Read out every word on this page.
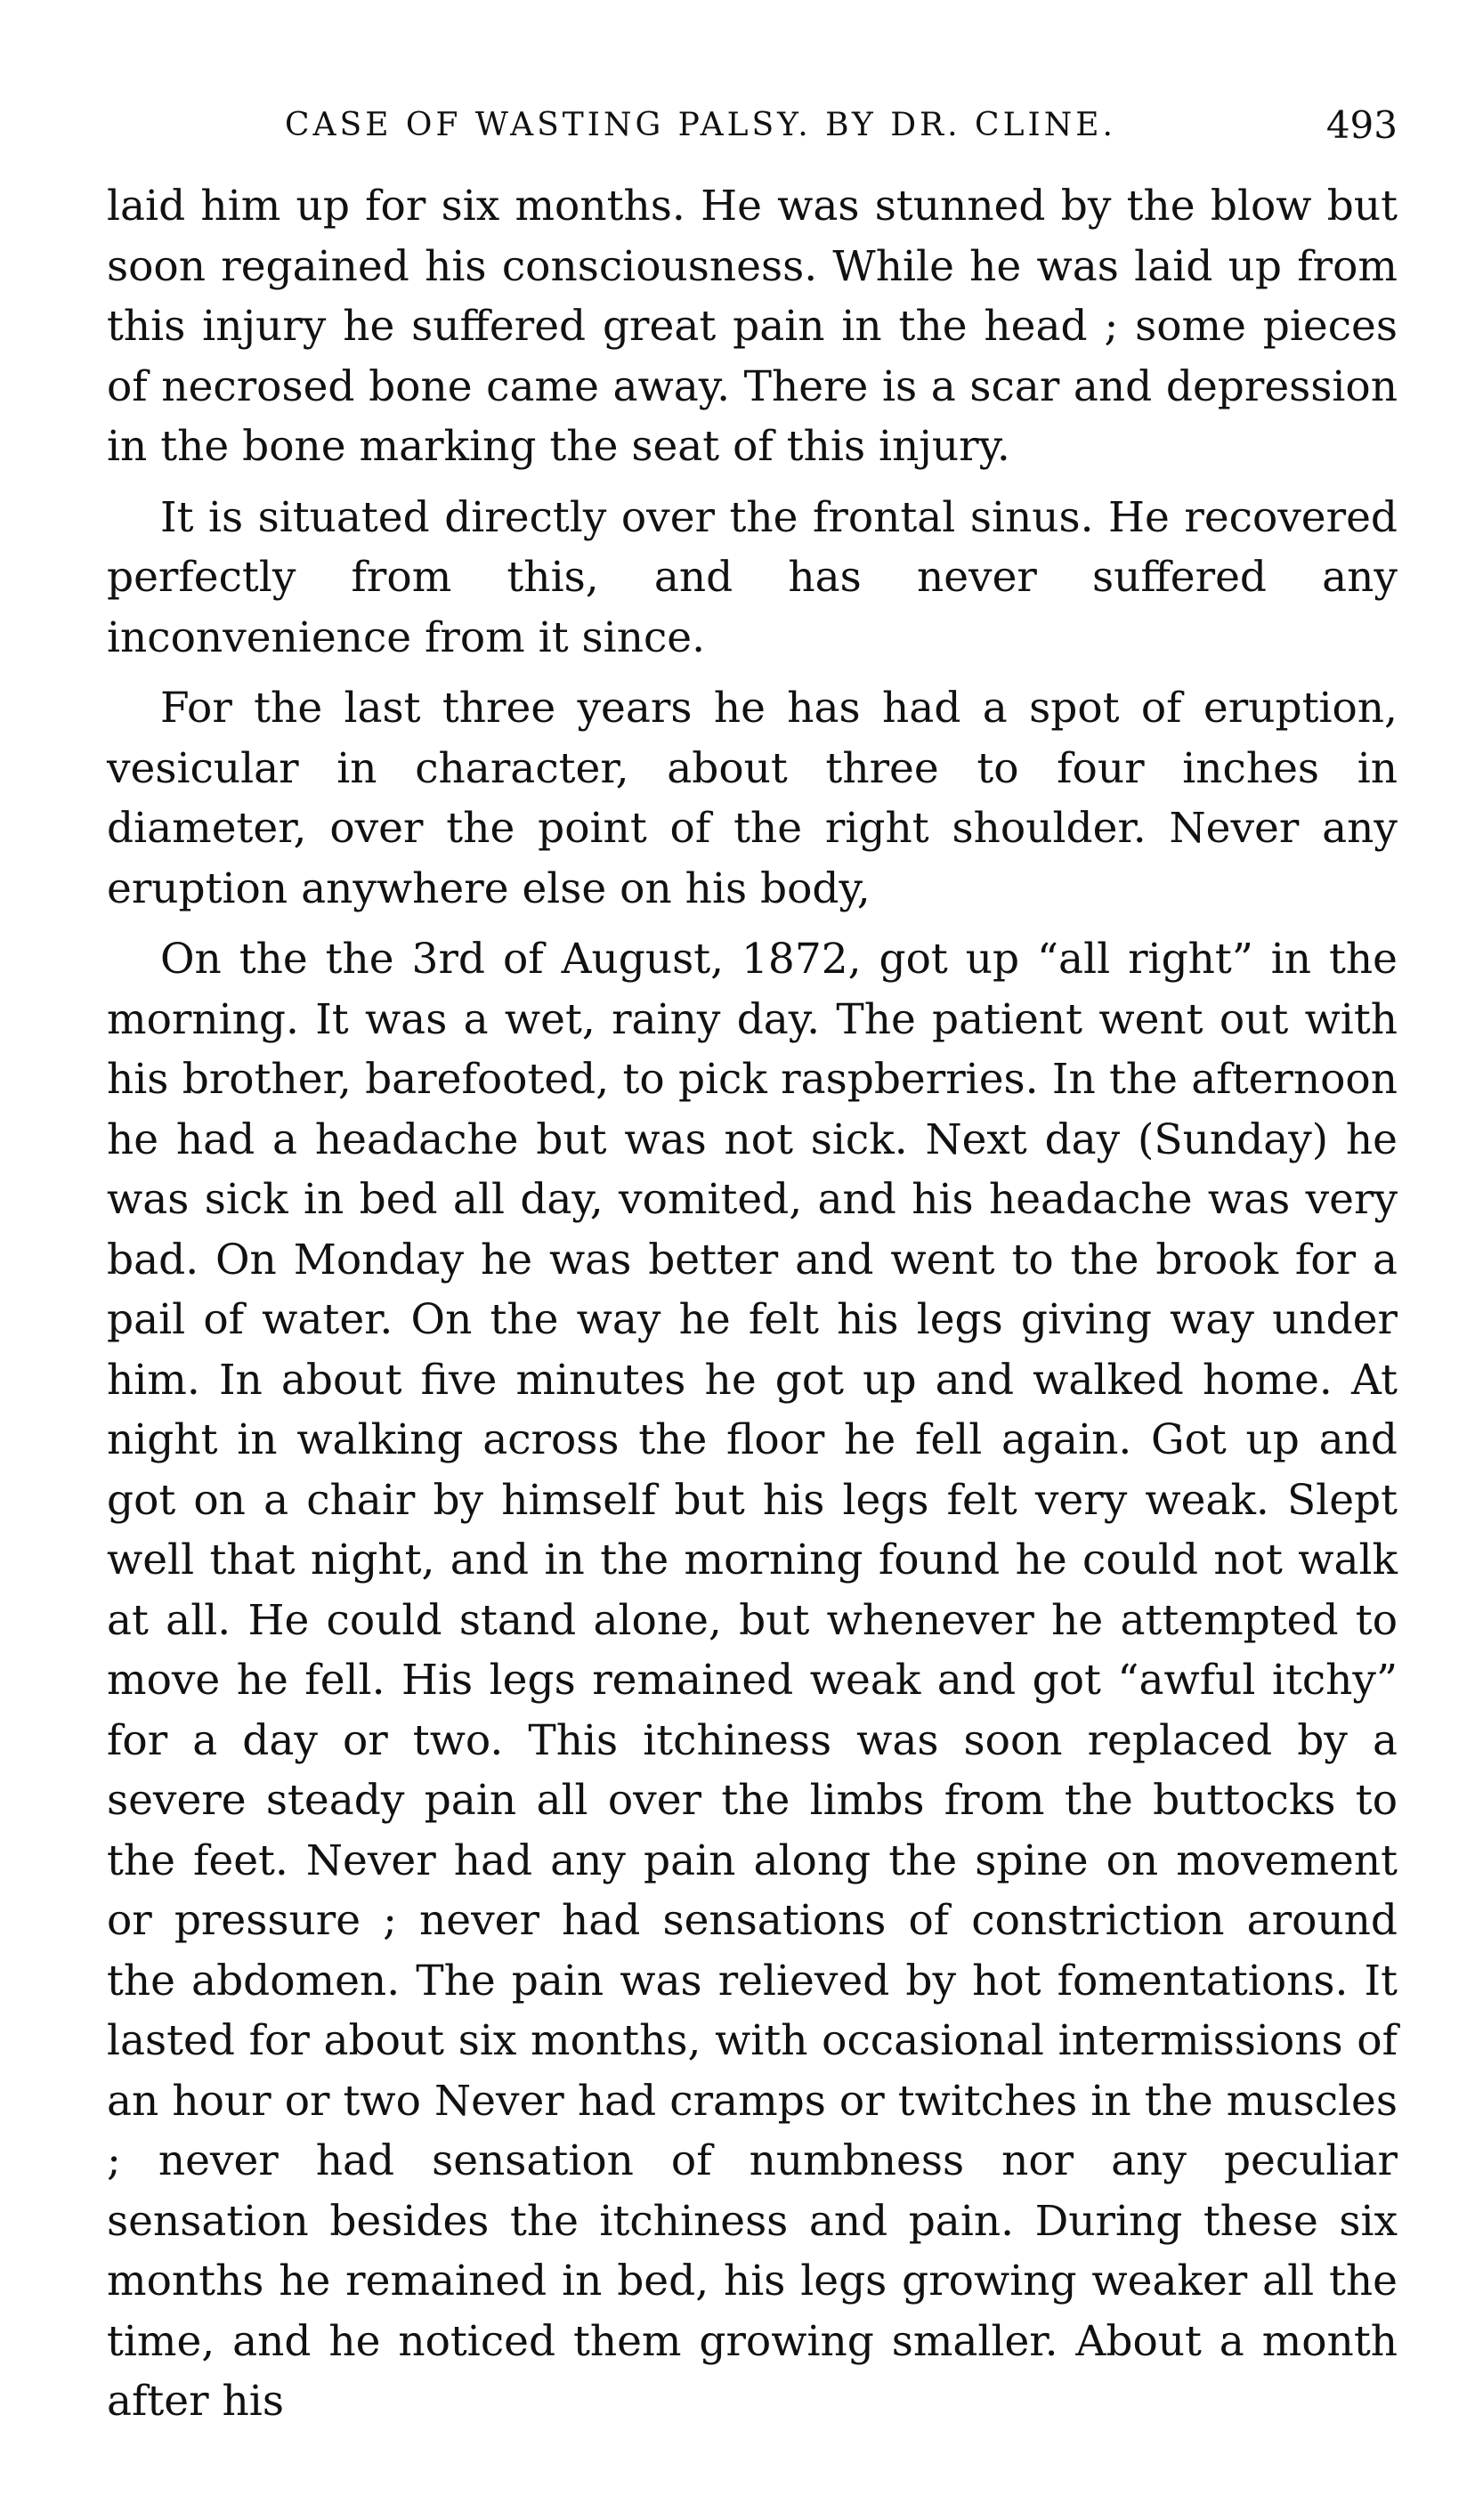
CASE OF WASTING PALSY. BY DR. CLINE.	493

laid him up for six months. He was stunned by the blow but soon regained his consciousness. While he was laid up from this injury he suffered great pain in the head ; some pieces of necrosed bone came away. There is a scar and depression in the bone marking the seat of this injury.

It is situated directly over the frontal sinus. He recovered perfectly from this, and has never suffered any inconvenience from it since.

For the last three years he has had a spot of eruption, vesicular in character, about three to four inches in diameter, over the point of the right shoulder. Never any eruption anywhere else on his body,

On the the 3rd of August, 1872, got up “all right” in the morning. It was a wet, rainy day. The patient went out with his brother, barefooted, to pick raspberries. In the afternoon he had a headache but was not sick. Next day (Sunday) he was sick in bed all day, vomited, and his headache was very bad. On Monday he was better and went to the brook for a pail of water. On the way he felt his legs giving way under him. In about five minutes he got up and walked home. At night in walking across the floor he fell again. Got up and got on a chair by himself but his legs felt very weak. Slept well that night, and in the morning found he could not walk at all. He could stand alone, but whenever he attempted to move he fell. His legs remained weak and got “awful itchy” for a day or two. This itchiness was soon replaced by a severe steady pain all over the limbs from the buttocks to the feet. Never had any pain along the spine on movement or pressure ; never had sensations of constriction around the abdomen. The pain was relieved by hot fomentations. It lasted for about six months, with occasional intermissions of an hour or two Never had cramps or twitches in the muscles ; never had sensation of numbness nor any peculiar sensation besides the itchiness and pain. During these six months he remained in bed, his legs growing weaker all the time, and he noticed them growing smaller. About a month after his
